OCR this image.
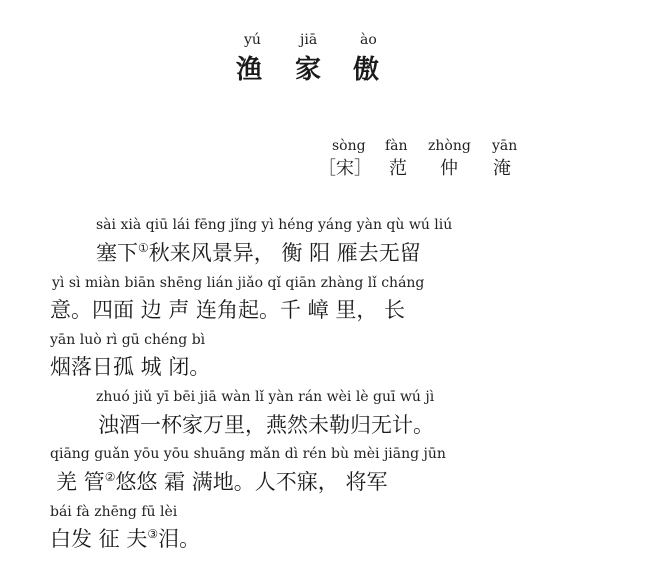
yú	jiā	ào
渔 家 傲
sòng fàn zhòng yān
［宋］ 范 仲 淹
sài xià qiū lái fēng jǐng yì héng yáng yàn qù wú liú
塞下①秋来风景异， 衡 阳 雁去无留
yì sì miàn biān shēng lián jiǎo qǐ qiān zhàng lǐ cháng
意。四面 边 声 连角起。千 嶂 里， 长
yān luò rì gū chéng bì
烟落日孤 城 闭。
zhuó jiǔ yī bēi jiā wàn lǐ yàn rán wèi lè guī wú jì
浊酒一杯家万里，燕然未勒归无计。
qiāng guǎn yōu yōu shuāng mǎn dì rén bù mèi jiāng jūn
羌 管②悠悠 霜 满地。人不寐， 将军
bái fà zhēng fū lèi
白发 征 夫③泪。
